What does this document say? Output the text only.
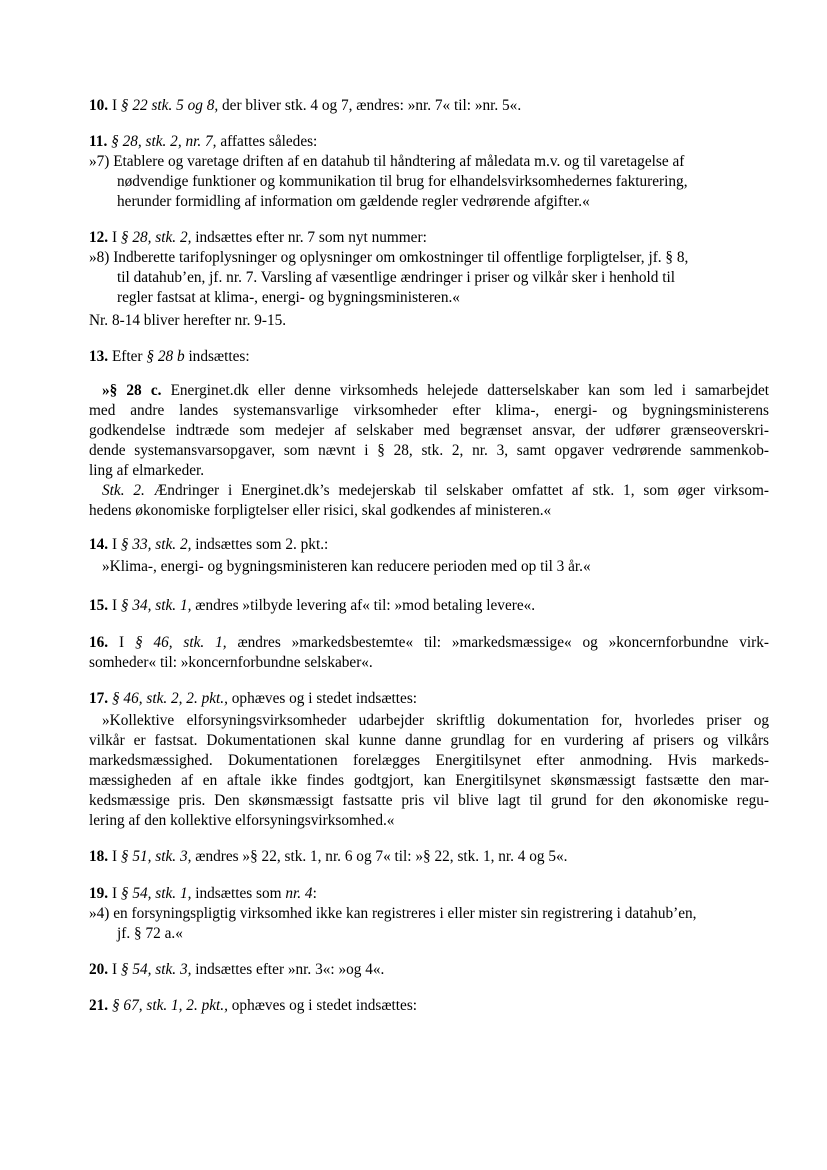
10. I § 22 stk. 5 og 8, der bliver stk. 4 og 7, ændres: »nr. 7« til: »nr. 5«.
11. § 28, stk. 2, nr. 7, affattes således:
»7) Etablere og varetage driften af en datahub til håndtering af måledata m.v. og til varetagelse af
nødvendige funktioner og kommunikation til brug for elhandelsvirksomhedernes fakturering,
herunder formidling af information om gældende regler vedrørende afgifter.«
12. I § 28, stk. 2, indsættes efter nr. 7 som nyt nummer:
»8) Indberette tarifoplysninger og oplysninger om omkostninger til offentlige forpligtelser, jf. § 8,
til datahub’en, jf. nr. 7. Varsling af væsentlige ændringer i priser og vilkår sker i henhold til
regler fastsat at klima-, energi- og bygningsministeren.«
Nr. 8-14 bliver herefter nr. 9-15.
13. Efter § 28 b indsættes:
»§ 28 c. Energinet.dk eller denne virksomheds helejede datterselskaber kan som led i samarbejdet
med andre landes systemansvarlige virksomheder efter klima-, energi- og bygningsministerens
godkendelse indtræde som medejer af selskaber med begrænset ansvar, der udfører grænseoverskri-
dende systemansvarsopgaver, som nævnt i § 28, stk. 2, nr. 3, samt opgaver vedrørende sammenkob-
ling af elmarkeder.
Stk. 2. Ændringer i Energinet.dk’s medejerskab til selskaber omfattet af stk. 1, som øger virksom-
hedens økonomiske forpligtelser eller risici, skal godkendes af ministeren.«
14. I § 33, stk. 2, indsættes som 2. pkt.:
»Klima-, energi- og bygningsministeren kan reducere perioden med op til 3 år.«
15. I § 34, stk. 1, ændres »tilbyde levering af« til: »mod betaling levere«.
16. I § 46, stk. 1, ændres »markedsbestemte« til: »markedsmæssige« og »koncernforbundne virk-
somheder« til: »koncernforbundne selskaber«.
17. § 46, stk. 2, 2. pkt., ophæves og i stedet indsættes:
»Kollektive elforsyningsvirksomheder udarbejder skriftlig dokumentation for, hvorledes priser og
vilkår er fastsat. Dokumentationen skal kunne danne grundlag for en vurdering af prisers og vilkårs
markedsmæssighed. Dokumentationen forelægges Energitilsynet efter anmodning. Hvis markeds-
mæssigheden af en aftale ikke findes godtgjort, kan Energitilsynet skønsmæssigt fastsætte den mar-
kedsmæssige pris. Den skønsmæssigt fastsatte pris vil blive lagt til grund for den økonomiske regu-
lering af den kollektive elforsyningsvirksomhed.«
18. I § 51, stk. 3, ændres »§ 22, stk. 1, nr. 6 og 7« til: »§ 22, stk. 1, nr. 4 og 5«.
19. I § 54, stk. 1, indsættes som nr. 4:
»4) en forsyningspligtig virksomhed ikke kan registreres i eller mister sin registrering i datahub’en,
jf. § 72 a.«
20. I § 54, stk. 3, indsættes efter »nr. 3«: »og 4«.
21. § 67, stk. 1, 2. pkt., ophæves og i stedet indsættes:
